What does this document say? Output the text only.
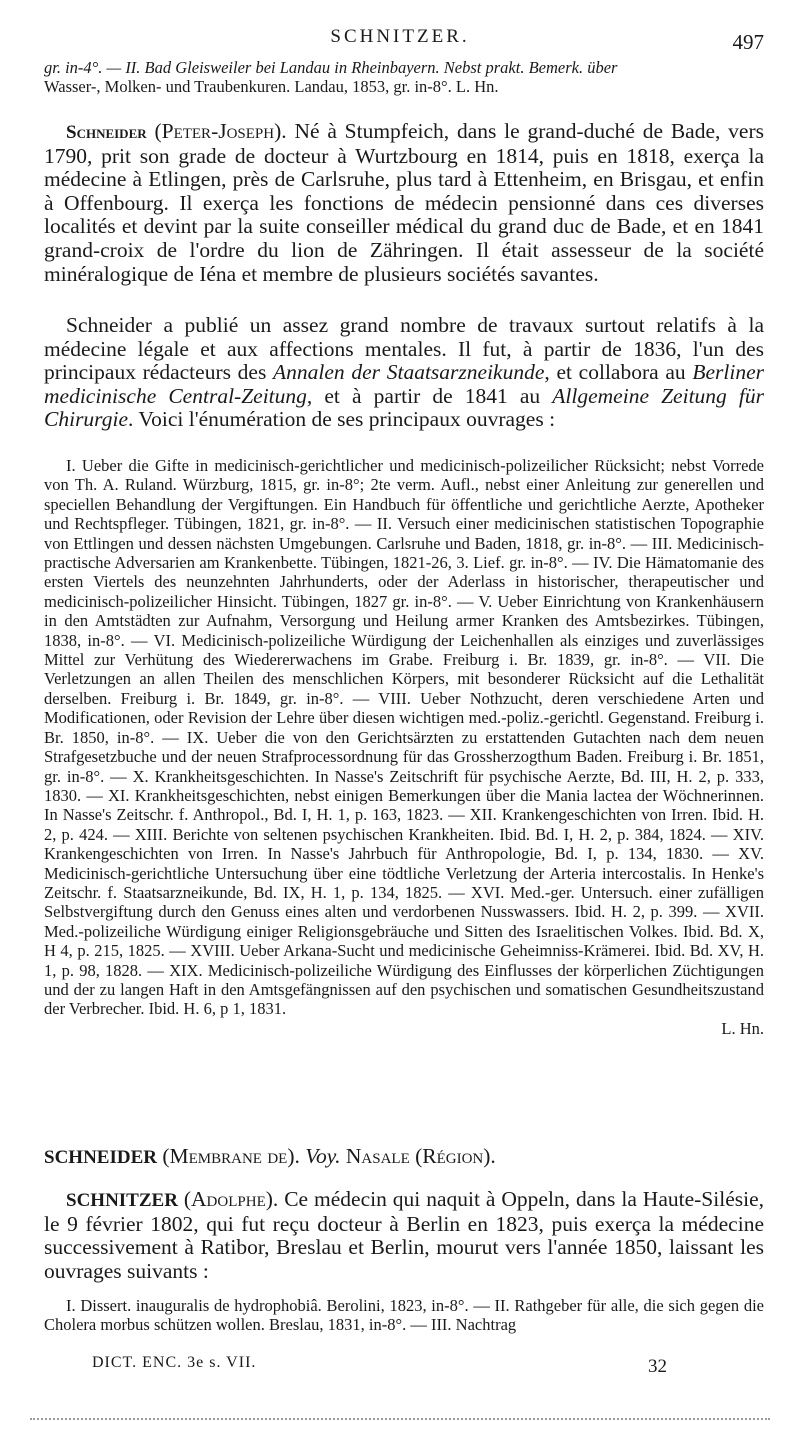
SCHNITZER.	497
gr. in-4°. — II. Bad Gleisweiler bei Landau in Rheinbayern. Nebst prakt. Bemerk. über
Wasser-, Molken- und Traubenkuren. Landau, 1853, gr. in-8°. L. Hn.
Schneider (Peter-Joseph). Né à Stumpfeich, dans le grand-duché de Bade, vers 1790, prit son grade de docteur à Wurtzbourg en 1814, puis en 1818, exerça la médecine à Etlingen, près de Carlsruhe, plus tard à Ettenheim, en Brisgau, et enfin à Offenbourg. Il exerça les fonctions de médecin pensionné dans ces diverses localités et devint par la suite conseiller médical du grand duc de Bade, et en 1841 grand-croix de l'ordre du lion de Zähringen. Il était assesseur de la société minéralogique de Iéna et membre de plusieurs sociétés savantes.
Schneider a publié un assez grand nombre de travaux surtout relatifs à la médecine légale et aux affections mentales. Il fut, à partir de 1836, l'un des principaux rédacteurs des Annalen der Staatsarzneikunde, et collabora au Berliner medicinische Central-Zeitung, et à partir de 1841 au Allgemeine Zeitung für Chirurgie. Voici l'énumération de ses principaux ouvrages :
I. Ueber die Gifte in medicinisch-gerichtlicher und medicinisch-polizeilicher Rücksicht; nebst Vorrede von Th. A. Ruland. Würzburg, 1815, gr. in-8°; 2te verm. Aufl., nebst einer Anleitung zur generellen und speciellen Behandlung der Vergiftungen. Ein Handbuch für öffentliche und gerichtliche Aerzte, Apotheker und Rechtspfleger. Tübingen, 1821, gr. in-8°. — II. Versuch einer medicinischen statistischen Topographie von Ettlingen und dessen nächsten Umgebungen. Carlsruhe und Baden, 1818, gr. in-8°. — III. Medicinisch-practische Adversarien am Krankenbette. Tübingen, 1821-26, 3. Lief. gr. in-8°. — IV. Die Hämatomanie des ersten Viertels des neunzehnten Jahrhunderts, oder der Aderlass in historischer, therapeutischer und medicinisch-polizeilicher Hinsicht. Tübingen, 1827 gr. in-8°. — V. Ueber Einrichtung von Krankenhäusern in den Amtstädten zur Aufnahm, Versorgung und Heilung armer Kranken des Amtsbezirkes. Tübingen, 1838, in-8°. — VI. Medicinisch-polizeiliche Würdigung der Leichenhallen als einziges und zuverlässiges Mittel zur Verhütung des Wiedererwachens im Grabe. Freiburg i. Br. 1839, gr. in-8°. — VII. Die Verletzungen an allen Theilen des menschlichen Körpers, mit besonderer Rücksicht auf die Lethalität derselben. Freiburg i. Br. 1849, gr. in-8°. — VIII. Ueber Nothzucht, deren verschiedene Arten und Modificationen, oder Revision der Lehre über diesen wichtigen med.-poliz.-gerichtl. Gegenstand. Freiburg i. Br. 1850, in-8°. — IX. Ueber die von den Gerichtsärzten zu erstattenden Gutachten nach dem neuen Strafgesetzbuche und der neuen Strafprocessordnung für das Grossherzogthum Baden. Freiburg i. Br. 1851, gr. in-8°. — X. Krankheitsgeschichten. In Nasse's Zeitschrift für psychische Aerzte, Bd. III, H. 2, p. 333, 1830. — XI. Krankheitsgeschichten, nebst einigen Bemerkungen über die Mania lactea der Wöchnerinnen. In Nasse's Zeitschr. f. Anthropol., Bd. I, H. 1, p. 163, 1823. — XII. Krankengeschichten von Irren. Ibid. H. 2, p. 424. — XIII. Berichte von seltenen psychischen Krankheiten. Ibid. Bd. I, H. 2, p. 384, 1824. — XIV. Krankengeschichten von Irren. In Nasse's Jahrbuch für Anthropologie, Bd. I, p. 134, 1830. — XV. Medicinisch-gerichtliche Untersuchung über eine tödtliche Verletzung der Arteria intercostalis. In Henke's Zeitschr. f. Staatsarzneikunde, Bd. IX, H. 1, p. 134, 1825. — XVI. Med.-ger. Untersuch. einer zufälligen Selbstvergiftung durch den Genuss eines alten und verdorbenen Nusswassers. Ibid. H. 2, p. 399. — XVII. Med.-polizeiliche Würdigung einiger Religionsgebräuche und Sitten des Israelitischen Volkes. Ibid. Bd. X, H 4, p. 215, 1825. — XVIII. Ueber Arkana-Sucht und medicinische Geheimniss-Krämerei. Ibid. Bd. XV, H. 1, p. 98, 1828. — XIX. Medicinisch-polizeiliche Würdigung des Einflusses der körperlichen Züchtigungen und der zu langen Haft in den Amtsgefängnissen auf den psychischen und somatischen Gesundheitszustand der Verbrecher. Ibid. H. 6, p 1, 1831.
L. Hn.
SCHNEIDER (Membrane de). Voy. Nasale (Région).
SCHNITZER (Adolphe). Ce médecin qui naquit à Oppeln, dans la Haute-Silésie, le 9 février 1802, qui fut reçu docteur à Berlin en 1823, puis exerça la médecine successivement à Ratibor, Breslau et Berlin, mourut vers l'année 1850, laissant les ouvrages suivants :
I. Dissert. inauguralis de hydrophobiâ. Berolini, 1823, in-8°. — II. Rathgeber für alle, die sich gegen die Cholera morbus schützen wollen. Breslau, 1831, in-8°. — III. Nachtrag
DICT. ENC. 3e s. VII.	32
